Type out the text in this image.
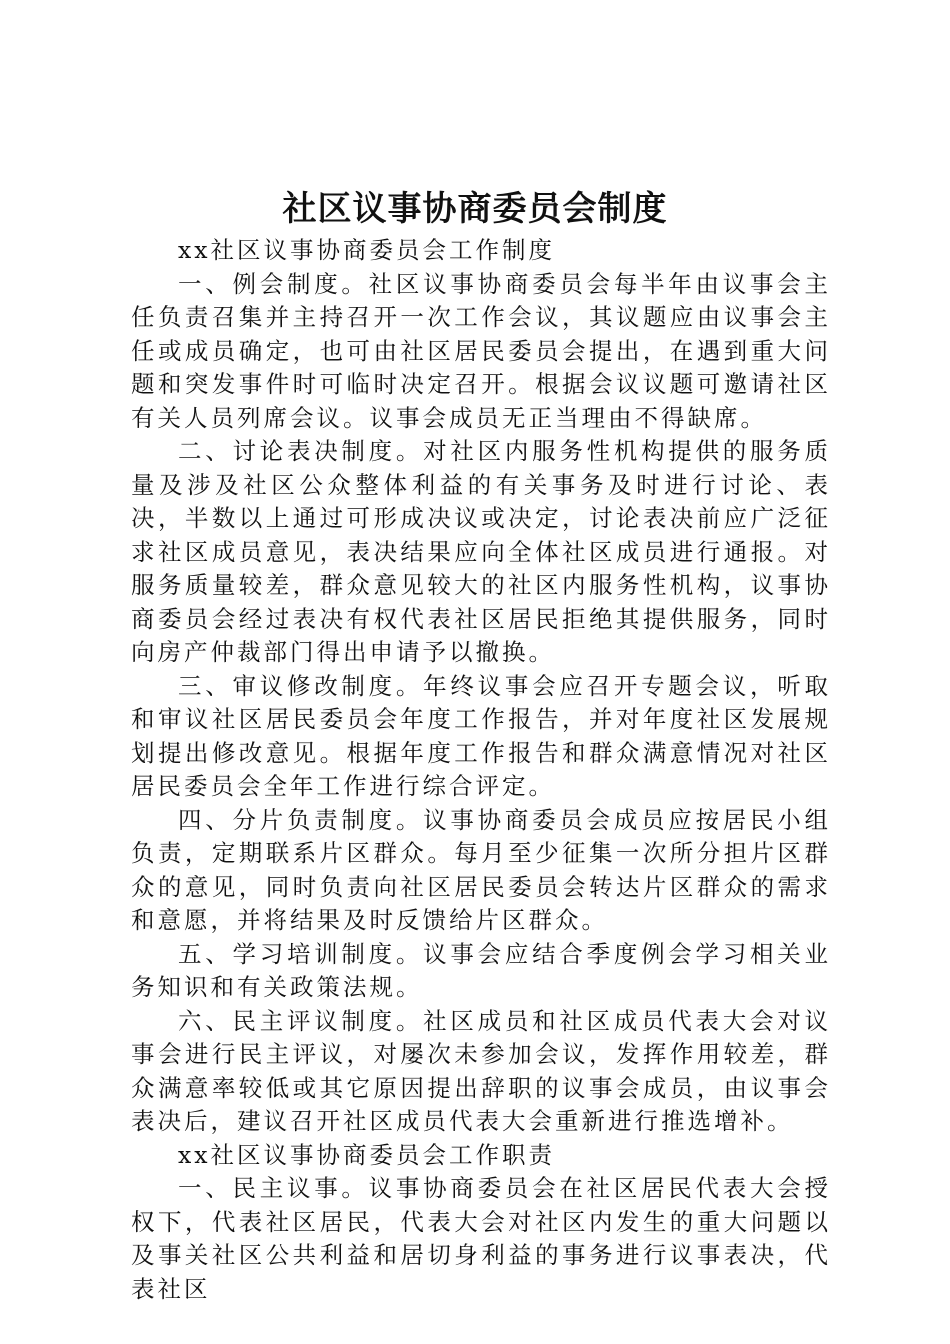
社区议事协商委员会制度

xx社区议事协商委员会工作制度

一、例会制度。社区议事协商委员会每半年由议事会主任负责召集并主持召开一次工作会议，其议题应由议事会主任或成员确定，也可由社区居民委员会提出，在遇到重大问题和突发事件时可临时决定召开。根据会议议题可邀请社区有关人员列席会议。议事会成员无正当理由不得缺席。

二、讨论表决制度。对社区内服务性机构提供的服务质量及涉及社区公众整体利益的有关事务及时进行讨论、表决，半数以上通过可形成决议或决定，讨论表决前应广泛征求社区成员意见，表决结果应向全体社区成员进行通报。对服务质量较差，群众意见较大的社区内服务性机构，议事协商委员会经过表决有权代表社区居民拒绝其提供服务，同时向房产仲裁部门得出申请予以撤换。

三、审议修改制度。年终议事会应召开专题会议，听取和审议社区居民委员会年度工作报告，并对年度社区发展规划提出修改意见。根据年度工作报告和群众满意情况对社区居民委员会全年工作进行综合评定。

四、分片负责制度。议事协商委员会成员应按居民小组负责，定期联系片区群众。每月至少征集一次所分担片区群众的意见，同时负责向社区居民委员会转达片区群众的需求和意愿，并将结果及时反馈给片区群众。

五、学习培训制度。议事会应结合季度例会学习相关业务知识和有关政策法规。

六、民主评议制度。社区成员和社区成员代表大会对议事会进行民主评议，对屡次未参加会议，发挥作用较差，群众满意率较低或其它原因提出辞职的议事会成员，由议事会表决后，建议召开社区成员代表大会重新进行推选增补。

xx社区议事协商委员会工作职责

一、民主议事。议事协商委员会在社区居民代表大会授权下，代表社区居民，代表大会对社区内发生的重大问题以及事关社区公共利益和居切身利益的事务进行议事表决，代表社区
